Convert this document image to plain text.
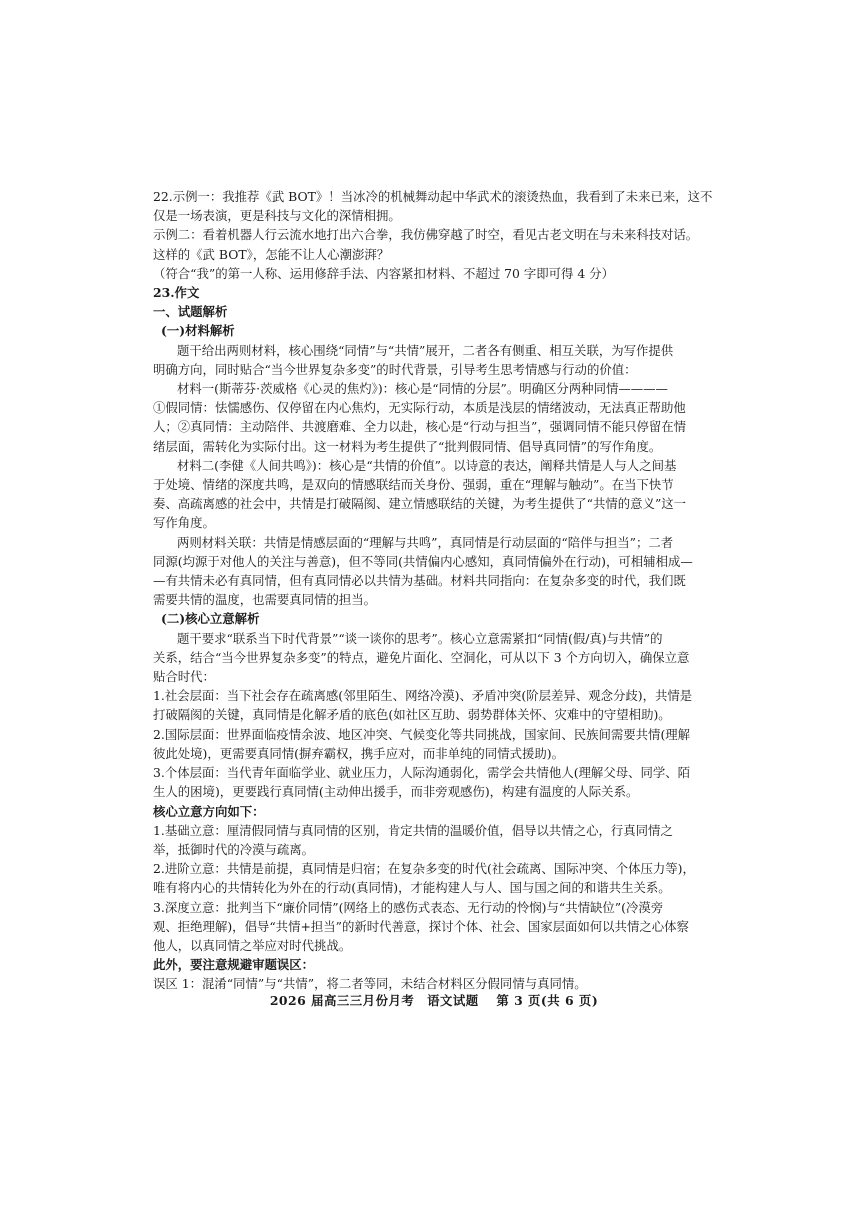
22.示例一：我推荐《武 BOT》！当冰冷的机械舞动起中华武术的滚烫热血，我看到了未来已来，这不

仅是一场表演，更是科技与文化的深情相拥。

示例二：看着机器人行云流水地打出六合拳，我仿佛穿越了时空，看见古老文明在与未来科技对话。

这样的《武 BOT》，怎能不让人心潮澎湃？

（符合“我”的第一人称、运用修辞手法、内容紧扣材料、不超过 70 字即可得 4 分）

23.作文

一、试题解析

(一)材料解析

题干给出两则材料，核心围绕“同情”与“共情”展开，二者各有侧重、相互关联，为写作提供

明确方向，同时贴合“当今世界复杂多变”的时代背景，引导考生思考情感与行动的价值：

材料一(斯蒂芬·茨威格《心灵的焦灼》)：核心是“同情的分层”。明确区分两种同情————

①假同情：怯懦感伤、仅停留在内心焦灼，无实际行动，本质是浅层的情绪波动，无法真正帮助他

人；②真同情：主动陪伴、共渡磨难、全力以赴，核心是“行动与担当”，强调同情不能只停留在情

绪层面，需转化为实际付出。这一材料为考生提供了“批判假同情、倡导真同情”的写作角度。

材料二(李健《人间共鸣》)：核心是“共情的价值”。以诗意的表达，阐释共情是人与人之间基

于处境、情绪的深度共鸣，是双向的情感联结而关身份、强弱，重在“理解与触动”。在当下快节

奏、高疏离感的社会中，共情是打破隔阂、建立情感联结的关键，为考生提供了“共情的意义”这一

写作角度。

两则材料关联：共情是情感层面的“理解与共鸣”，真同情是行动层面的“陪伴与担当”；二者

同源(均源于对他人的关注与善意)，但不等同(共情偏内心感知，真同情偏外在行动)，可相辅相成—

—有共情未必有真同情，但有真同情必以共情为基础。材料共同指向：在复杂多变的时代，我们既

需要共情的温度，也需要真同情的担当。

(二)核心立意解析

题干要求“联系当下时代背景”“谈一谈你的思考”。核心立意需紧扣“同情(假/真)与共情”的

关系，结合“当今世界复杂多变”的特点，避免片面化、空洞化，可从以下 3 个方向切入，确保立意

贴合时代：

1.社会层面：当下社会存在疏离感(邻里陌生、网络冷漠)、矛盾冲突(阶层差异、观念分歧)，共情是

打破隔阂的关键，真同情是化解矛盾的底色(如社区互助、弱势群体关怀、灾难中的守望相助)。

2.国际层面：世界面临疫情余波、地区冲突、气候变化等共同挑战，国家间、民族间需要共情(理解

彼此处境)，更需要真同情(摒弃霸权，携手应对，而非单纯的同情式援助)。

3.个体层面：当代青年面临学业、就业压力，人际沟通弱化，需学会共情他人(理解父母、同学、陌

生人的困境)，更要践行真同情(主动伸出援手，而非旁观感伤)，构建有温度的人际关系。

核心立意方向如下：

1.基础立意：厘清假同情与真同情的区别，肯定共情的温暖价值，倡导以共情之心，行真同情之

举，抵御时代的冷漠与疏离。

2.进阶立意：共情是前提，真同情是归宿；在复杂多变的时代(社会疏离、国际冲突、个体压力等)，

唯有将内心的共情转化为外在的行动(真同情)，才能构建人与人、国与国之间的和谐共生关系。

3.深度立意：批判当下“廉价同情”(网络上的感伤式表态、无行动的怜悯)与“共情缺位”(冷漠旁

观、拒绝理解)，倡导“共情+担当”的新时代善意，探讨个体、社会、国家层面如何以共情之心体察

他人，以真同情之举应对时代挑战。

此外，要注意规避审题误区：

误区 1：混淆“同情”与“共情”，将二者等同，未结合材料区分假同情与真同情。

2026 届高三三月份月考　语文试题　 第 3 页(共 6 页)
